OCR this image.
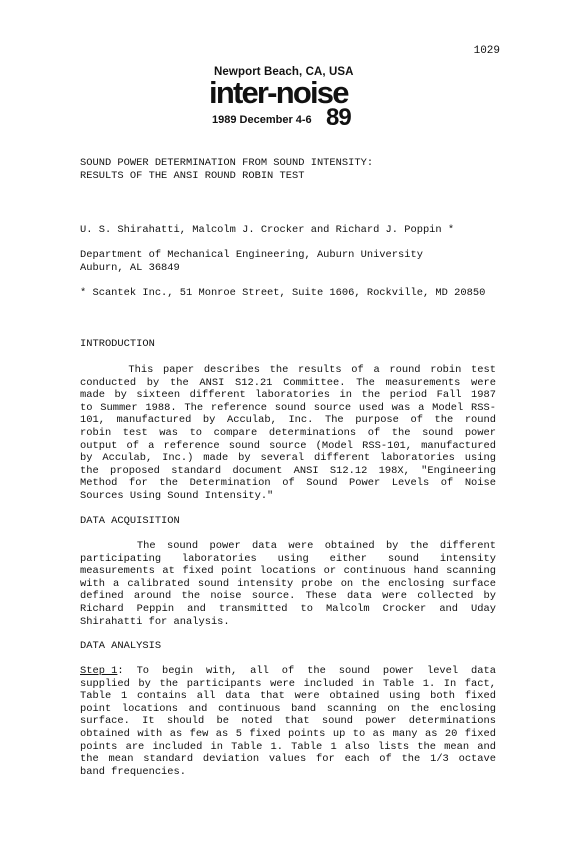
1029
Newport Beach, CA, USA
inter-noise
1989 December 4-6 89
SOUND POWER DETERMINATION FROM SOUND INTENSITY:
RESULTS OF THE ANSI ROUND ROBIN TEST
U. S. Shirahatti, Malcolm J. Crocker and Richard J. Poppin *
Department of Mechanical Engineering, Auburn University
Auburn, AL 36849
* Scantek Inc., 51 Monroe Street, Suite 1606, Rockville, MD 20850
INTRODUCTION
This paper describes the results of a round robin test
conducted by the ANSI S12.21 Committee. The measurements were
made by sixteen different laboratories in the period Fall 1987
to Summer 1988. The reference sound source used was a Model RSS-
101, manufactured by Acculab, Inc. The purpose of the round
robin test was to compare determinations of the sound power
output of a reference sound source (Model RSS-101, manufactured
by Acculab, Inc.) made by several different laboratories using
the proposed standard document ANSI S12.12 198X, "Engineering
Method for the Determination of Sound Power Levels of Noise
Sources Using Sound Intensity."
DATA ACQUISITION
The sound power data were obtained by the different
participating laboratories using either sound intensity
measurements at fixed point locations or continuous hand scanning
with a calibrated sound intensity probe on the enclosing surface
defined around the noise source. These data were collected by
Richard Peppin and transmitted to Malcolm Crocker and Uday
Shirahatti for analysis.
DATA ANALYSIS
Step 1 : To begin with, all of the sound power level data
supplied by the participants were included in Table 1. In fact,
Table 1 contains all data that were obtained using both fixed
point locations and continuous band scanning on the enclosing
surface. It should be noted that sound power determinations
obtained with as few as 5 fixed points up to as many as 20 fixed
points are included in Table 1. Table 1 also lists the mean and
the mean standard deviation values for each of the 1/3 octave
band frequencies.
